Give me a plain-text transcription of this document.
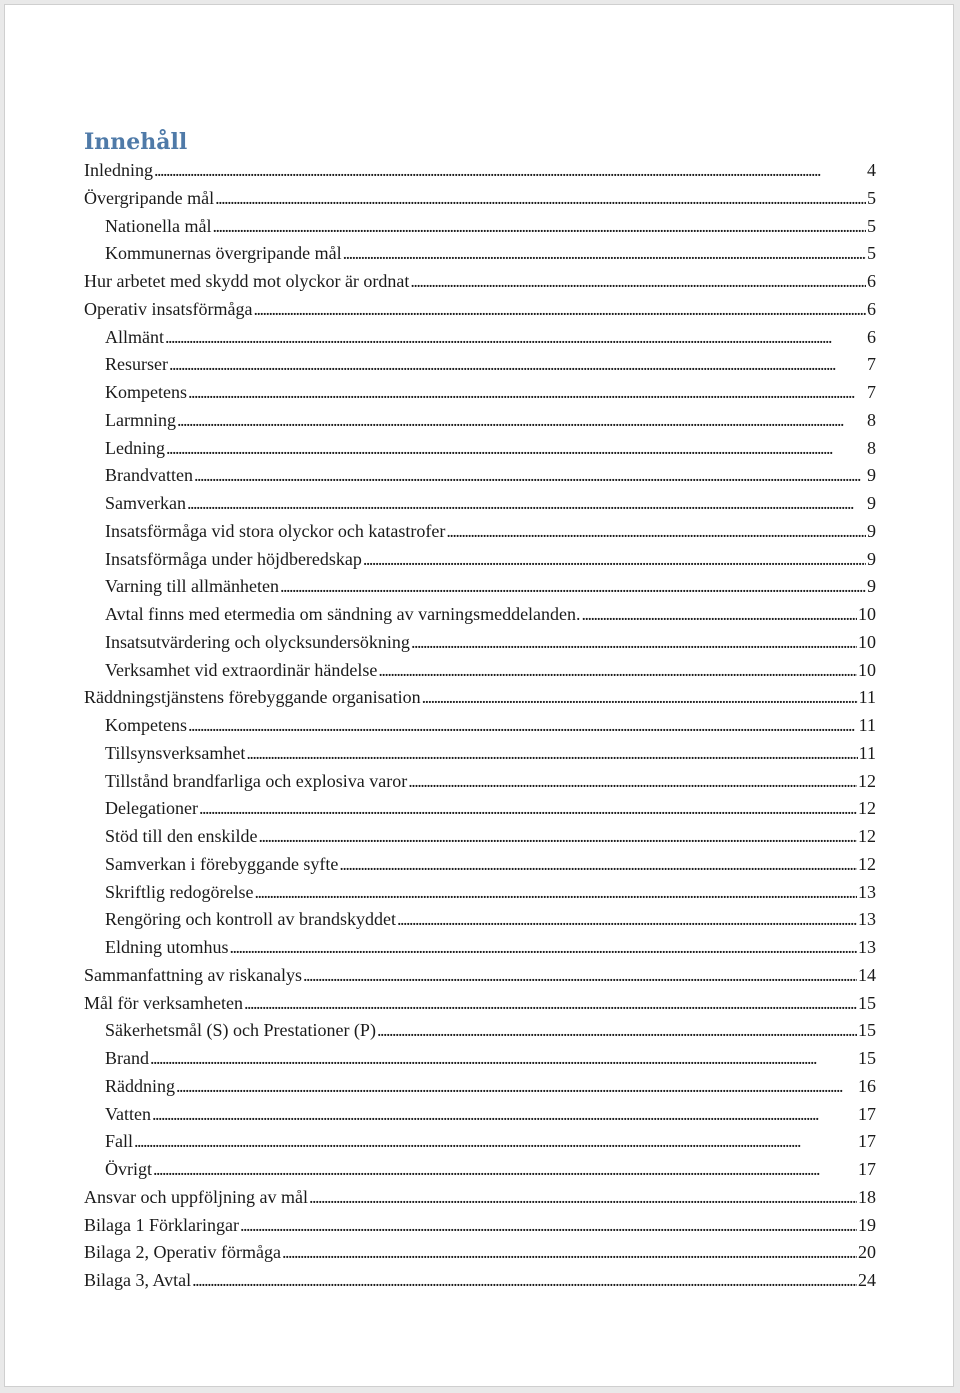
Innehåll
Inledning . . .	4
Övergripande mål . . .	5
Nationella mål . . .	5
Kommunernas övergripande mål . . .	5
Hur arbetet med skydd mot olyckor är ordnat . . .	6
Operativ insatsförmåga . . .	6
Allmänt . . .	6
Resurser . . .	7
Kompetens . . .	7
Larmning . . .	8
Ledning . . .	8
Brandvatten . . .	9
Samverkan . . .	9
Insatsförmåga vid stora olyckor och katastrofer . . .	9
Insatsförmåga under höjdberedskap . . .	9
Varning till allmänheten . . .	9
Avtal finns med etermedia om sändning av varningsmeddelanden. . . .	10
Insatsutvärdering och olycksundersökning . . .	10
Verksamhet vid extraordinär händelse . . .	10
Räddningstjänstens förebyggande organisation . . .	11
Kompetens . . .	11
Tillsynsverksamhet . . .	11
Tillstånd brandfarliga och explosiva varor . . .	12
Delegationer . . .	12
Stöd till den enskilde . . .	12
Samverkan i förebyggande syfte . . .	12
Skriftlig redogörelse . . .	13
Rengöring och kontroll av brandskyddet . . .	13
Eldning utomhus . . .	13
Sammanfattning av riskanalys . . .	14
Mål för verksamheten . . .	15
Säkerhetsmål (S) och Prestationer (P) . . .	15
Brand . . .	15
Räddning . . .	16
Vatten . . .	17
Fall . . .	17
Övrigt . . .	17
Ansvar och uppföljning av mål . . .	18
Bilaga 1 Förklaringar . . .	19
Bilaga 2, Operativ förmåga . . .	20
Bilaga 3, Avtal . . .	24
